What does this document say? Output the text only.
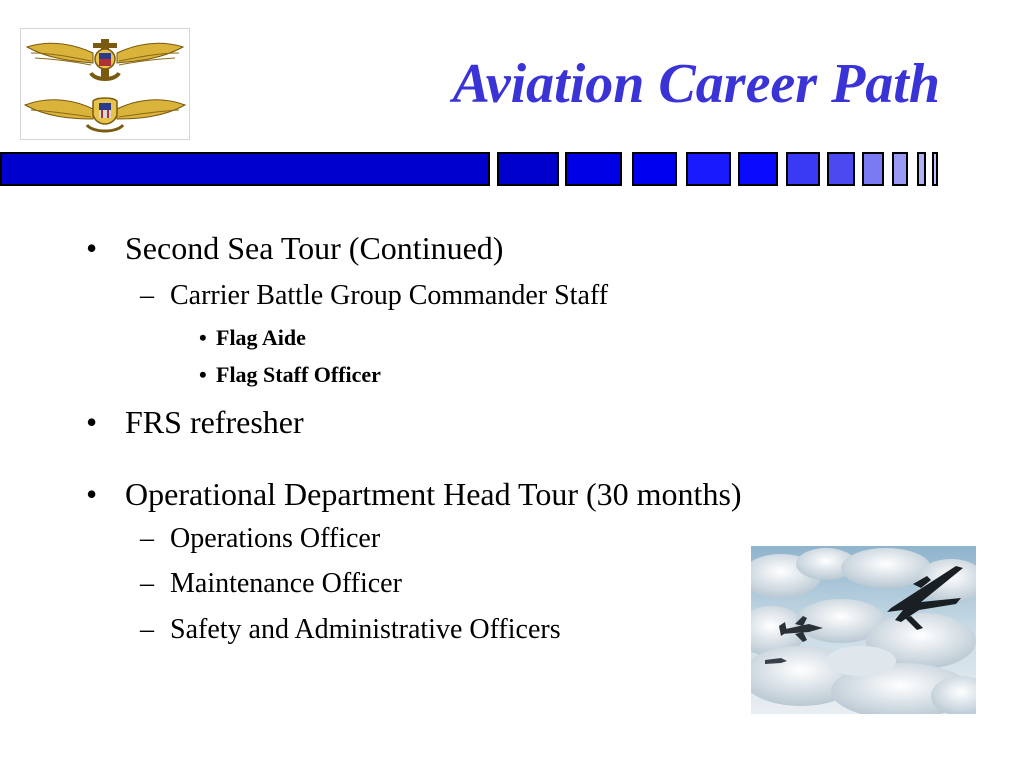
Aviation Career Path
• Second Sea Tour (Continued)
– Carrier Battle Group Commander Staff
• Flag Aide
• Flag Staff Officer
• FRS refresher
• Operational Department Head Tour (30 months)
– Operations Officer
– Maintenance Officer
– Safety and Administrative Officers
